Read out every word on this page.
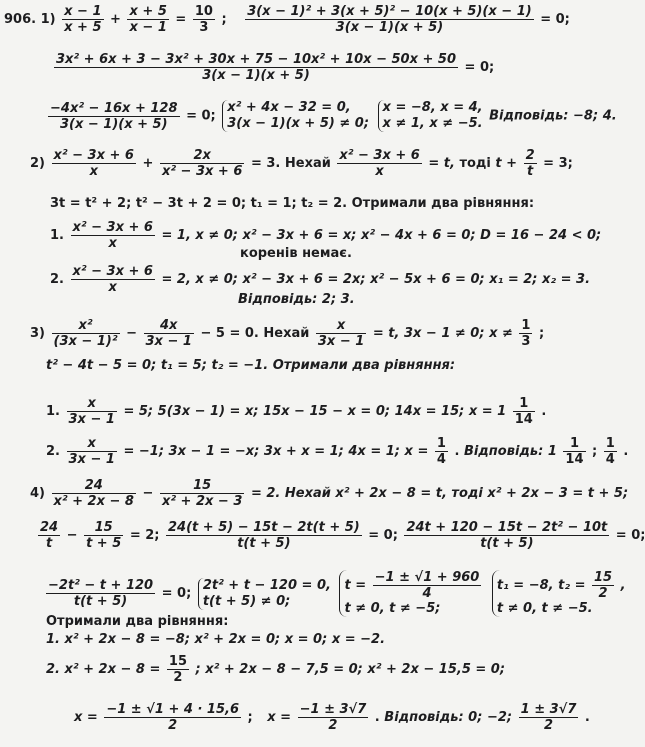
906. $1) \frac{x - 1}{x + 5} + \frac{x + 5}{x - 1} = \frac{10}{3}$ ; $\frac{\text{3(x − 1)² + 3(x + 5)² − 10(x + 5)(x − 1)}}{3(x - 1)(x + 5)} = 0$;
$\frac{\text{3x² + 6x + 3 − 3x² + 30x + 75 − 10x² + 10x − 50x + 50}}{3(x - 1)(x + 5)} = 0$;
$\frac{\text{−4x² − 16x + 128}}{3(x - 1)(x + 5)} = 0$;
x² + 4x − 32 = 0,
3(x − 1)(x + 5) ≠ 0;

x = −8, x = 4,
x ≠ 1, x ≠ −5. Відповідь: −8; 4.
$2) \frac{\text{x² − 3x + 6}}{x} + \frac{2x}{\text{x² − 3x + 6}} = 3$. Нехай $\frac{\text{x² − 3x + 6}}{x} = t$, тоді $t + \frac{2}{t} = 3$;
3t = t² + 2; t² − 3t + 2 = 0; t₁ = 1; t₂ = 2. Отримали два рівняння:
1. $\frac{\text{x² − 3x + 6}}{x} = 1$, x ≠ 0; x² − 3x + 6 = x; x² − 4x + 6 = 0; D = 16 − 24 < 0;
коренів немає.
2. $\frac{\text{x² − 3x + 6}}{x} = 2$, x ≠ 0; x² − 3x + 6 = 2x; x² − 5x + 6 = 0; x₁ = 2; x₂ = 3.
Відповідь: 2; 3.
$3) \frac{\text{x²}}{\text{(3x − 1)²}} - \frac{4x}{3x - 1} - 5 = 0$. Нехай $\frac{x}{3x - 1} = t$, 3x − 1 ≠ 0; $x \ne \frac{1}{3}$ ;
t² − 4t − 5 = 0; t₁ = 5; t₂ = −1. Отримали два рівняння:
1. $\frac{x}{3x - 1} = 5$; 5(3x − 1) = x; 15x − 15 − x = 0; 14x = 15; $x = 1 \frac{1}{14}$ .
2. $\frac{x}{3x - 1} = -1$; 3x − 1 = −x; 3x + x = 1; 4x = 1; $x = \frac{1}{4}$ . Відповідь: $1 \frac{1}{14}$ ; $\frac{1}{4}$ .
$4) \frac{24}{\text{x² + 2x − 8}} - \frac{15}{\text{x² + 2x − 3}} = 2$. Нехай x² + 2x − 8 = t, тоді x² + 2x − 3 = t + 5;
$\frac{24}{t} - \frac{15}{t + 5} = 2$; $\frac{24(t + 5) - 15t - 2t(t + 5)}{t(t + 5)} = 0$; $\frac{\text{24t + 120 − 15t − 2t² − 10t}}{t(t + 5)} = 0$;
$\frac{\text{−2t² − t + 120}}{t(t + 5)} = 0$;
2t² + t − 120 = 0,
t(t + 5) ≠ 0;

$t = \frac{-1 \pm √1 + 960}{4}$
t ≠ 0, t ≠ −5;

t₁ = −8, $t_2 = \frac{15}{2}$ ,
t ≠ 0, t ≠ −5.
Отримали два рівняння:
1. x² + 2x − 8 = −8; x² + 2x = 0; x = 0; x = −2.
2. $x^2 + 2x - 8 = \frac{15}{2}$ ; x² + 2x − 8 − 7,5 = 0; x² + 2x − 15,5 = 0;
$x = \frac{-1 \pm √1 + 4 \cdot 15,6}{2}$ ; $x = \frac{-1 \pm 3√7}{2}$ . Відповідь: 0; −2; $\frac{1 \pm 3√7}{2}$ .
